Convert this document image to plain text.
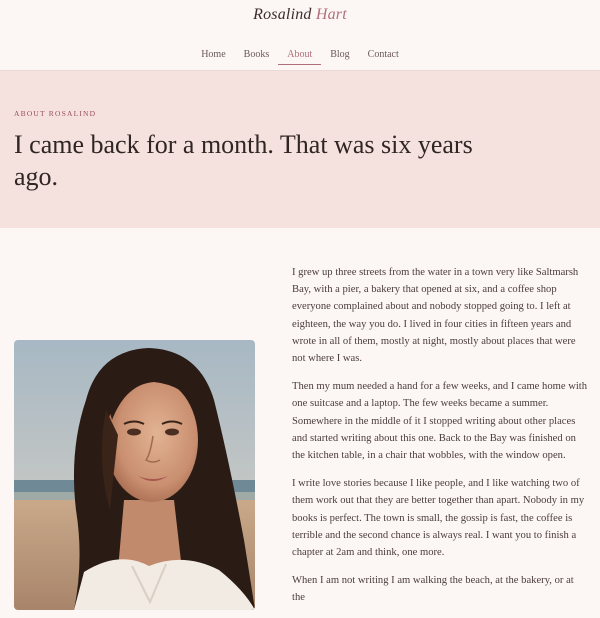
Rosalind Hart
Home	Books	About	Blog	Contact
ABOUT ROSALIND
I came back for a month. That was six years ago.

I grew up three streets from the water in a town very like Saltmarsh Bay, with a pier, a bakery that opened at six, and a coffee shop everyone complained about and nobody stopped going to. I left at eighteen, the way you do. I lived in four cities in fifteen years and wrote in all of them, mostly at night, mostly about places that were not where I was.

Then my mum needed a hand for a few weeks, and I came home with one suitcase and a laptop. The few weeks became a summer. Somewhere in the middle of it I stopped writing about other places and started writing about this one. Back to the Bay was finished on the kitchen table, in a chair that wobbles, with the window open.

I write love stories because I like people, and I like watching two of them work out that they are better together than apart. Nobody in my books is perfect. The town is small, the gossip is fast, the coffee is terrible and the second chance is always real. I want you to finish a chapter at 2am and think, one more.

When I am not writing I am walking the beach, at the bakery, or at the
